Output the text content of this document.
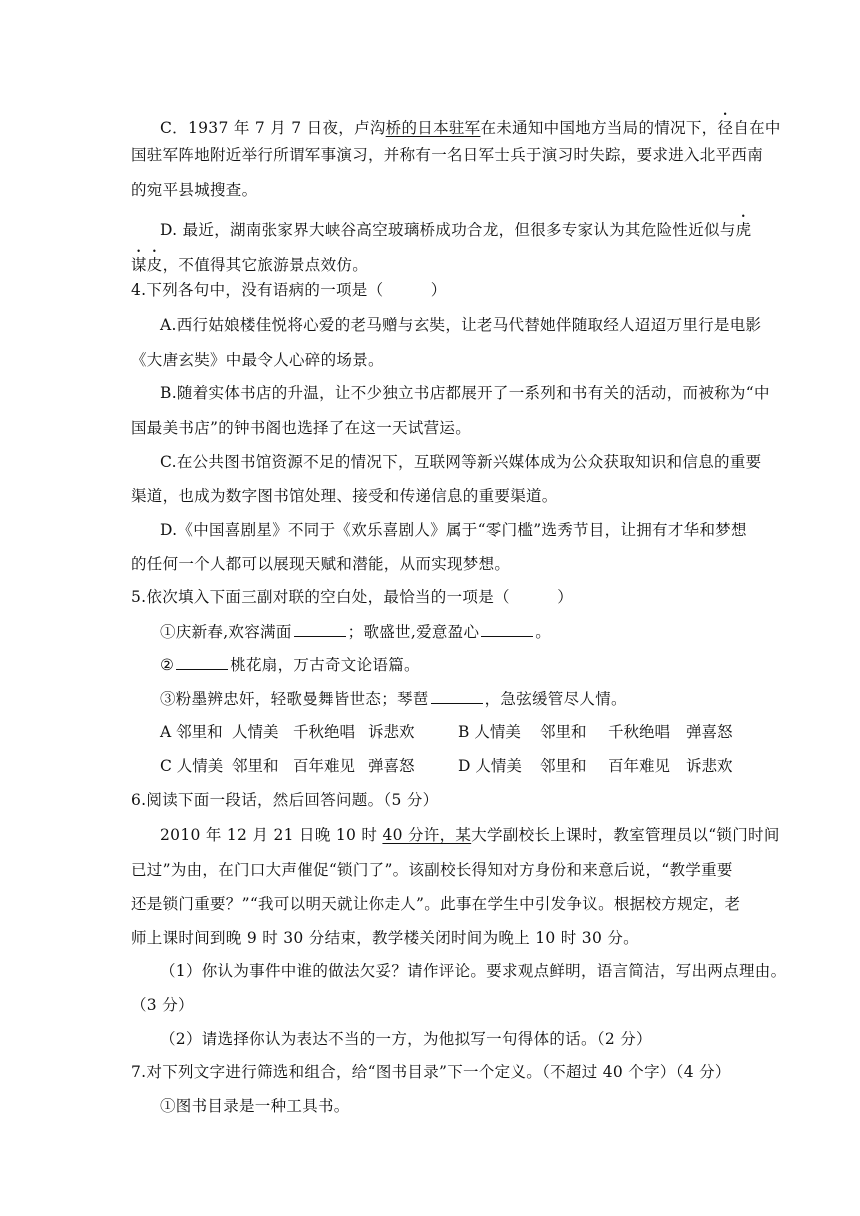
C．1937 年 7 月 7 日夜，卢沟桥的日本驻军在未通知中国地方当局的情况下，径自在中
国驻军阵地附近举行所谓军事演习，并称有一名日军士兵于演习时失踪，要求进入北平西南
的宛平县城搜查。
D. 最近，湖南张家界大峡谷高空玻璃桥成功合龙，但很多专家认为其危险性近似与虎
谋皮，不值得其它旅游景点效仿。
4.下列各句中，没有语病的一项是（　　　）
A.西行姑娘楼佳悦将心爱的老马赠与玄奘，让老马代替她伴随取经人迢迢万里行是电影
《大唐玄奘》中最令人心碎的场景。
B.随着实体书店的升温，让不少独立书店都展开了一系列和书有关的活动，而被称为“中
国最美书店”的钟书阁也选择了在这一天试营运。
C.在公共图书馆资源不足的情况下，互联网等新兴媒体成为公众获取知识和信息的重要
渠道，也成为数字图书馆处理、接受和传递信息的重要渠道。
D.《中国喜剧星》不同于《欢乐喜剧人》属于“零门槛”选秀节目，让拥有才华和梦想
的任何一个人都可以展现天赋和潜能，从而实现梦想。
5.依次填入下面三副对联的空白处，最恰当的一项是（　　　）
①庆新春,欢容满面	；歌盛世,爱意盈心	。
②	桃花扇，万古奇文论语篇。
③粉墨辨忠奸，轻歌曼舞皆世态；琴琶	，急弦缓管尽人情。
A 邻里和 人情美 千秋绝唱 诉悲欢	B 人情美 邻里和 千秋绝唱 弹喜怒
C 人情美 邻里和 百年难见 弹喜怒	D 人情美 邻里和 百年难见 诉悲欢
6.阅读下面一段话，然后回答问题。（5 分）
2010 年 12 月 21 日晚 10 时 40 分许，某大学副校长上课时，教室管理员以“锁门时间
已过”为由，在门口大声催促“锁门了”。该副校长得知对方身份和来意后说，“教学重要
还是锁门重要？”“我可以明天就让你走人”。此事在学生中引发争议。根据校方规定，老
师上课时间到晚 9 时 30 分结束，教学楼关闭时间为晚上 10 时 30 分。
（1）你认为事件中谁的做法欠妥？请作评论。要求观点鲜明，语言简洁，写出两点理由。
（3 分）
（2）请选择你认为表达不当的一方，为他拟写一句得体的话。（2 分）
7.对下列文字进行筛选和组合，给“图书目录”下一个定义。（不超过 40 个字）（4 分）
①图书目录是一种工具书。
